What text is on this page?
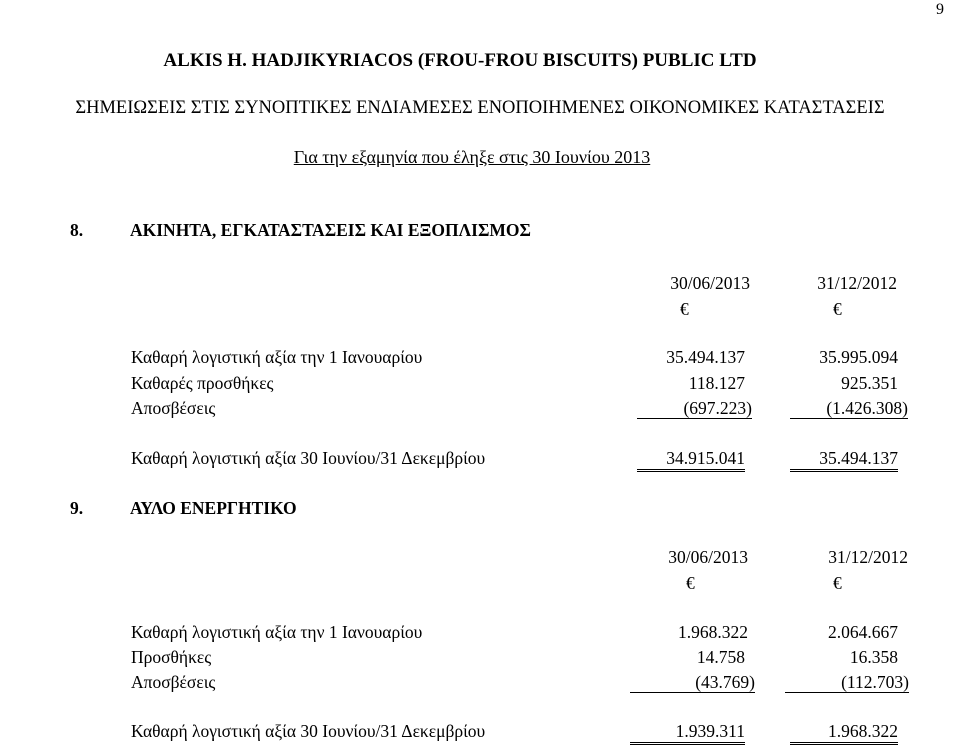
9
ALKIS H. HADJIKYRIACOS (FROU-FROU BISCUITS) PUBLIC LTD
ΣΗΜΕΙΩΣΕΙΣ ΣΤΙΣ ΣΥΝΟΠΤΙΚΕΣ ΕΝΔΙΑΜΕΣΕΣ ΕΝΟΠΟΙΗΜΕΝΕΣ ΟΙΚΟΝΟΜΙΚΕΣ ΚΑΤΑΣΤΑΣΕΙΣ
Για την εξαμηνία που έληξε στις 30 Ιουνίου 2013
8.	ΑΚΙΝΗΤΑ, ΕΓΚΑΤΑΣΤΑΣΕΙΣ ΚΑΙ ΕΞΟΠΛΙΣΜΟΣ
30/06/2013	31/12/2012
€	€
Καθαρή λογιστική αξία την 1 Ιανουαρίου	35.494.137	35.995.094
Καθαρές προσθήκες	118.127	925.351
Αποσβέσεις	(697.223)	(1.426.308)
Καθαρή λογιστική αξία 30 Ιουνίου/31 Δεκεμβρίου	34.915.041	35.494.137
9.	ΑΥΛΟ ΕΝΕΡΓΗΤΙΚΟ
30/06/2013	31/12/2012
€	€
Καθαρή λογιστική αξία την 1 Ιανουαρίου	1.968.322	2.064.667
Προσθήκες	14.758	16.358
Αποσβέσεις	(43.769)	(112.703)
Καθαρή λογιστική αξία 30 Ιουνίου/31 Δεκεμβρίου	1.939.311	1.968.322
